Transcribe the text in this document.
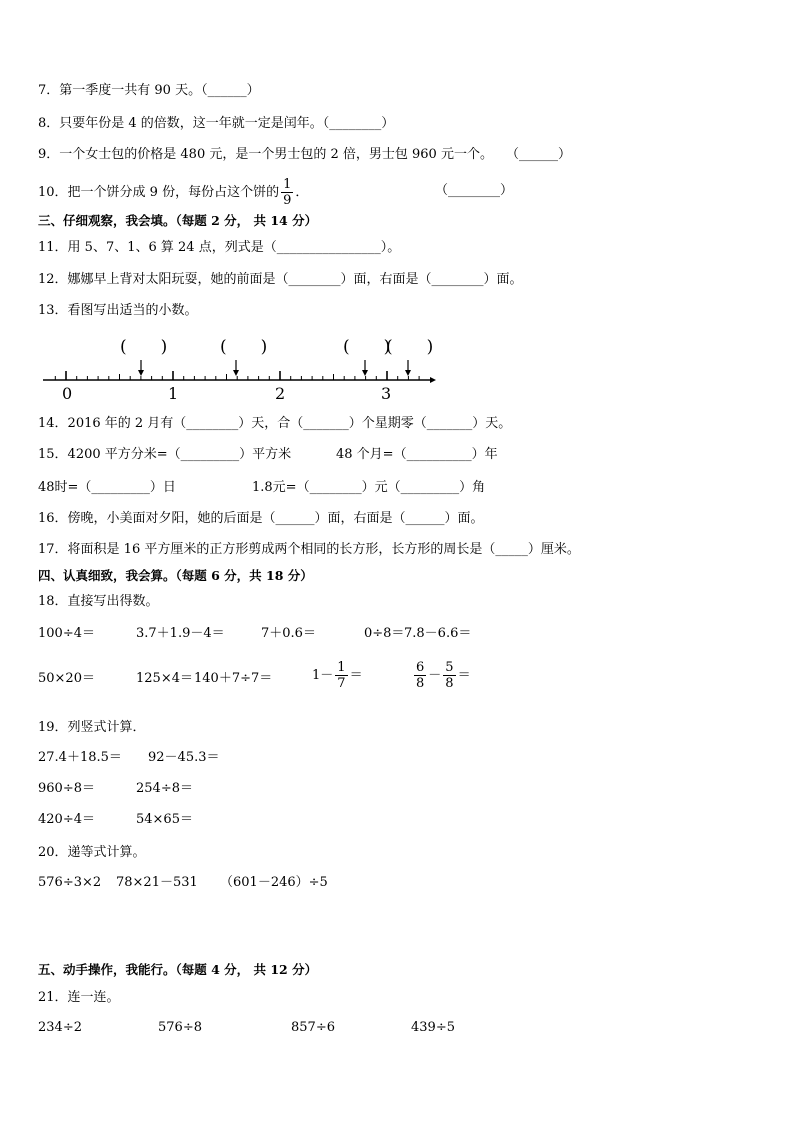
7．第一季度一共有 90 天。（______）
8．只要年份是 4 的倍数，这一年就一定是闰年。（________）
9．一个女士包的价格是 480 元，是一个男士包的 2 倍，男士包 960 元一个。　　（______）
10．把一个饼分成 9 份，每份占这个饼的 $\frac{1}{9}$ ．	（________）
三、仔细观察，我会填。（每题 2 分， 共 14 分）
11．用 5、7、1、6 算 24 点，列式是（________________）。
12．娜娜早上背对太阳玩耍，她的前面是（________）面，右面是（________）面。
13．看图写出适当的小数。
(　　)	(　　)	(　　)
(　　)
0	1	2	3
14．2016 年的 2 月有（________）天，合（_______）个星期零（_______）天。
15．4200 平方分米=（_________）平方米	48 个月=（__________）年
48时=（_________）日	1.8元=（________）元（_________）角
16．傍晚，小美面对夕阳，她的后面是（______）面，右面是（______）面。
17．将面积是 16 平方厘米的正方形剪成两个相同的长方形，长方形的周长是（_____）厘米。
四、认真细致，我会算。（每题 6 分，共 18 分）
18．直接写出得数。
100÷4＝	3.7＋1.9－4＝	7＋0.6＝	0÷8＝ 7.8－6.6＝
50×20＝	125×4＝ 140＋7÷7＝	$1- \frac{1}{7}$ ＝	$\frac{6}{8} - \frac{5}{8}$ ＝
19．列竖式计算．
27.4＋18.5＝ 92－45.3＝
960÷8＝	254÷8＝
420÷4＝	54×65＝
20．递等式计算。
576÷3×2 78×21－531 （601－246）÷5
五、动手操作，我能行。（每题 4 分， 共 12 分）
21．连一连。
234÷2	576÷8	857÷6	439÷5
